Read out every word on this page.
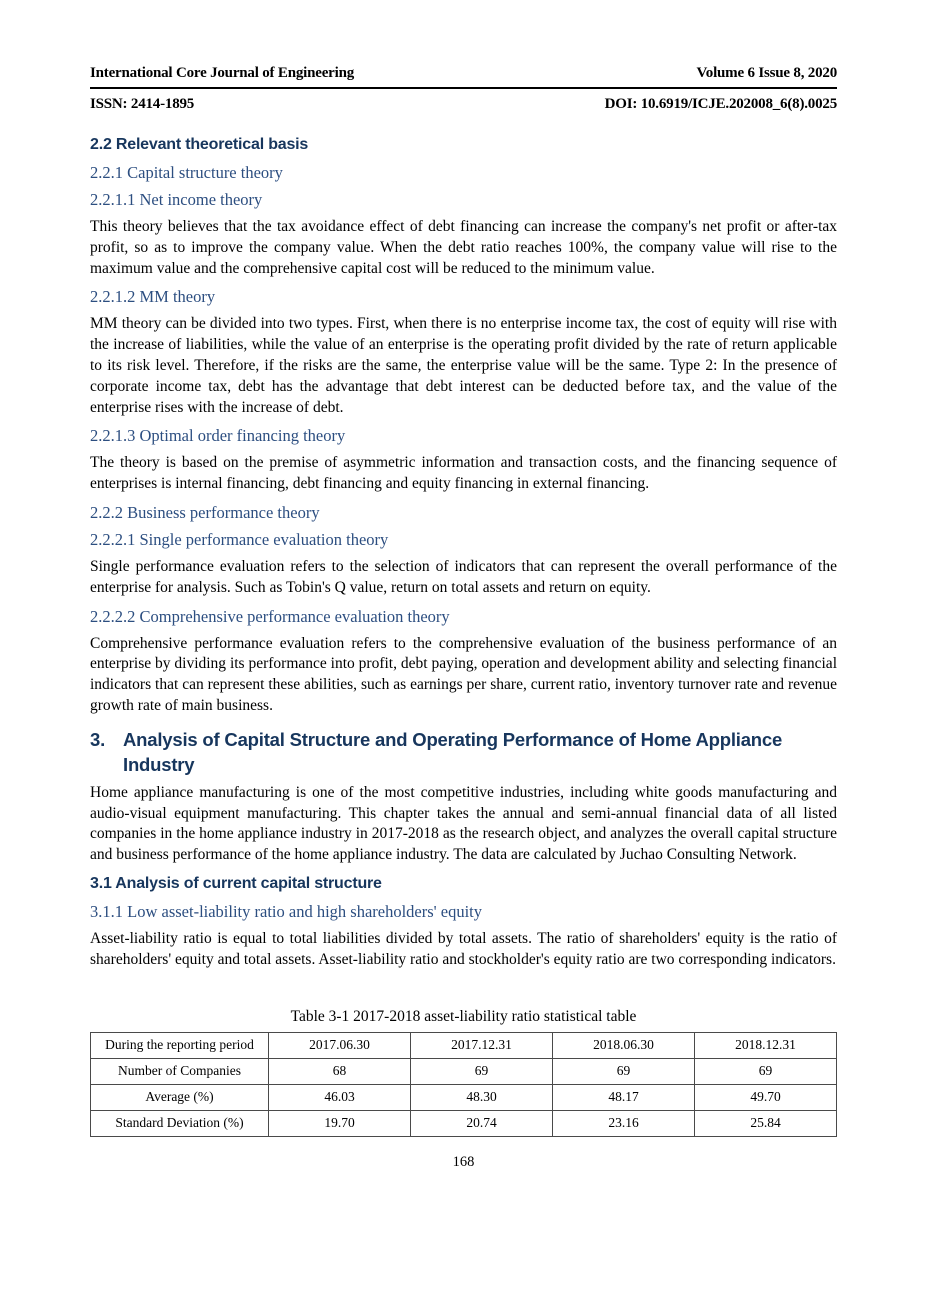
International Core Journal of Engineering	Volume 6 Issue 8, 2020
ISSN: 2414-1895	DOI: 10.6919/ICJE.202008_6(8).0025
2.2 Relevant theoretical basis
2.2.1 Capital structure theory
2.2.1.1 Net income theory

This theory believes that the tax avoidance effect of debt financing can increase the company's net profit or after-tax profit, so as to improve the company value. When the debt ratio reaches 100%, the company value will rise to the maximum value and the comprehensive capital cost will be reduced to the minimum value.

2.2.1.2 MM theory

MM theory can be divided into two types. First, when there is no enterprise income tax, the cost of equity will rise with the increase of liabilities, while the value of an enterprise is the operating profit divided by the rate of return applicable to its risk level. Therefore, if the risks are the same, the enterprise value will be the same. Type 2: In the presence of corporate income tax, debt has the advantage that debt interest can be deducted before tax, and the value of the enterprise rises with the increase of debt.

2.2.1.3 Optimal order financing theory

The theory is based on the premise of asymmetric information and transaction costs, and the financing sequence of enterprises is internal financing, debt financing and equity financing in external financing.

2.2.2 Business performance theory
2.2.2.1 Single performance evaluation theory

Single performance evaluation refers to the selection of indicators that can represent the overall performance of the enterprise for analysis. Such as Tobin's Q value, return on total assets and return on equity.

2.2.2.2 Comprehensive performance evaluation theory

Comprehensive performance evaluation refers to the comprehensive evaluation of the business performance of an enterprise by dividing its performance into profit, debt paying, operation and development ability and selecting financial indicators that can represent these abilities, such as earnings per share, current ratio, inventory turnover rate and revenue growth rate of main business.

3. Analysis of Capital Structure and Operating Performance of Home Appliance Industry

Home appliance manufacturing is one of the most competitive industries, including white goods manufacturing and audio-visual equipment manufacturing. This chapter takes the annual and semi-annual financial data of all listed companies in the home appliance industry in 2017-2018 as the research object, and analyzes the overall capital structure and business performance of the home appliance industry. The data are calculated by Juchao Consulting Network.

3.1 Analysis of current capital structure
3.1.1 Low asset-liability ratio and high shareholders' equity

Asset-liability ratio is equal to total liabilities divided by total assets. The ratio of shareholders' equity is the ratio of shareholders' equity and total assets. Asset-liability ratio and stockholder's equity ratio are two corresponding indicators.

Table 3-1 2017-2018 asset-liability ratio statistical table
During the reporting period	2017.06.30	2017.12.31	2018.06.30	2018.12.31
Number of Companies	68	69	69	69
Average (%)	46.03	48.30	48.17	49.70
Standard Deviation (%)	19.70	20.74	23.16	25.84
168
